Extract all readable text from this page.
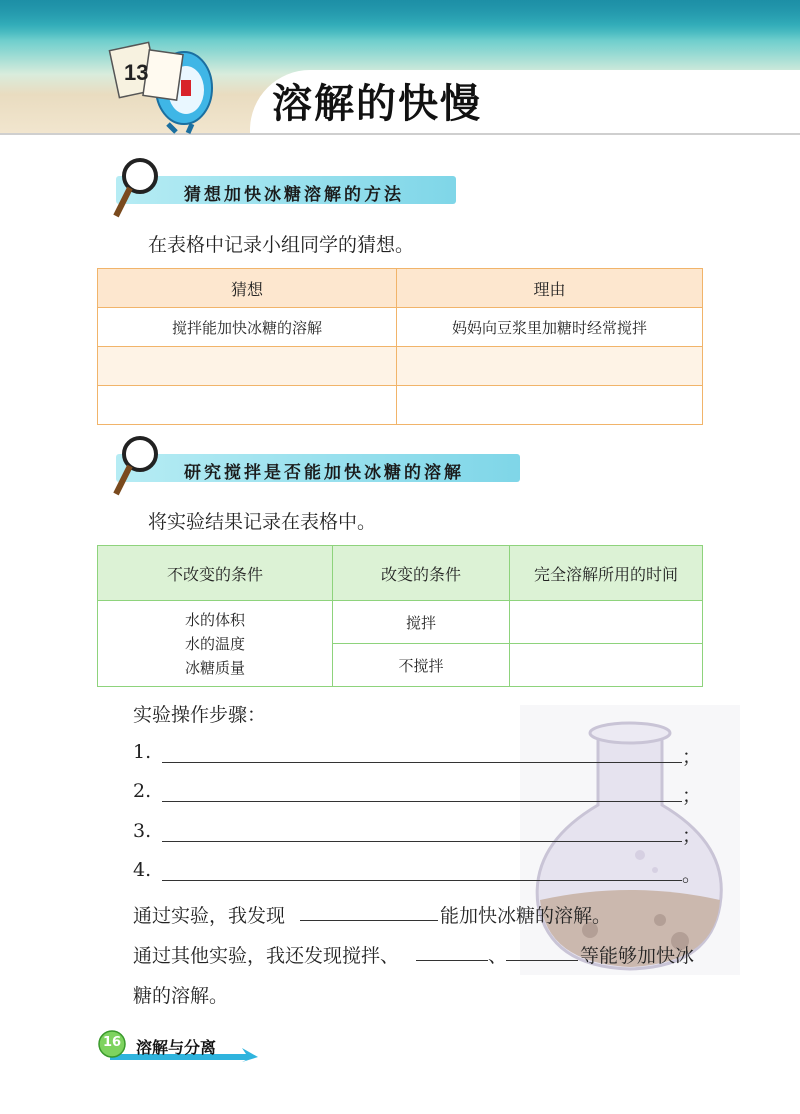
溶解的快慢
13
猜想加快冰糖溶解的方法
在表格中记录小组同学的猜想。
猜想	理由
搅拌能加快冰糖的溶解	妈妈向豆浆里加糖时经常搅拌

研究搅拌是否能加快冰糖的溶解
将实验结果记录在表格中。
不改变的条件	改变的条件	完全溶解所用的时间

水的体积
水的温度
冰糖质量	搅拌	
	不搅拌	
实验操作步骤：
1.	；
2.	；
3.	；
4.	。
通过实验，我发现	能加快冰糖的溶解。
通过其他实验，我还发现搅拌、	、	等能够加快冰
糖的溶解。
16 溶解与分离
